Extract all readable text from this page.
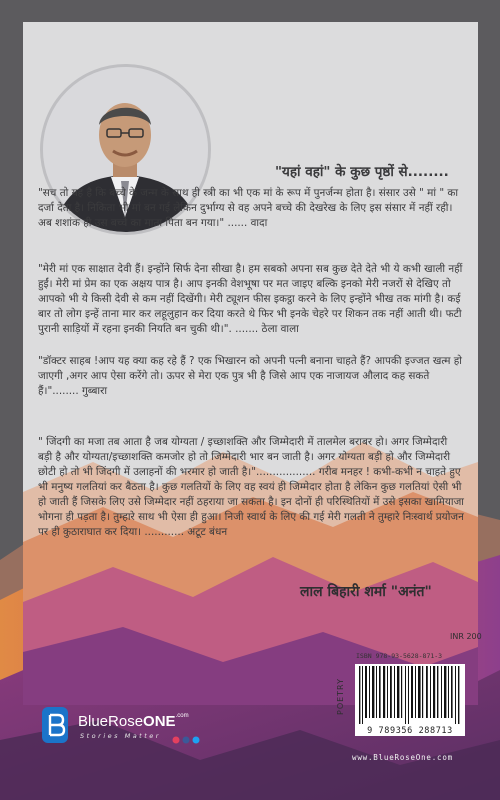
"यहां वहां" के कुछ पृष्ठों से........

"सच तो यह है कि बच्चे के जन्म के साथ ही स्त्री का भी एक मां के रूप में पुनर्जन्म होता है। संसार उसे " मां " का दर्जा देता है। निकिता भी मां बन गई लेकिन दुर्भाग्य से वह अपने बच्चे की देखरेख के लिए इस संसार में नहीं रही। अब शशांक ही उस बच्चे का माता पिता बन गया।" ...... वादा

"मेरी मां एक साक्षात देवी हैं। इन्होंने सिर्फ देना सीखा है। हम सबको अपना सब कुछ देते देते भी ये कभी खाली नहीं हुईं। मेरी मां प्रेम का एक अक्षय पात्र है। आप इनकी वेशभूषा पर मत जाइए बल्कि इनको मेरी नजरों से देखिए तो आपको भी ये किसी देवी से कम नहीं दिखेंगी। मेरी ट्यूशन फीस इकट्ठा करने के लिए इन्होंने भीख तक मांगी है। कई बार तो लोग इन्हें ताना मार कर लहूलुहान कर दिया करते थे फिर भी इनके चेहरे पर शिकन तक नहीं आती थी। फटी पुरानी साड़ियों में रहना इनकी नियति बन चुकी थी।". ....... ठेला वाला

"डॉक्टर साहब !आप यह क्या कह रहे हैं ? एक भिखारन को अपनी पत्नी बनाना चाहते हैं? आपकी इज्जत खत्म हो जाएगी ,अगर आप ऐसा करेंगे तो। ऊपर से मेरा एक पुत्र भी है जिसे आप एक नाजायज औलाद कह सकते हैं।"........ गुब्बारा

" जिंदगी का मजा तब आता है जब योग्यता / इच्छाशक्ति और जिम्मेदारी में तालमेल बराबर हो। अगर जिम्मेदारी बड़ी है और योग्यता/इच्छाशक्ति कमजोर हो तो जिम्मेदारी भार बन जाती है। अगर योग्यता बड़ी हो और जिम्मेदारी छोटी हो तो भी जिंदगी में उलाहनों की भरमार हो जाती है।".................. गरीब मनहर ! कभी-कभी न चाहते हुए भी मनुष्य गलतियां कर बैठता है। कुछ गलतियों के लिए वह स्वयं ही जिम्मेदार होता है लेकिन कुछ गलतियां ऐसी भी हो जाती हैं जिसके लिए उसे जिम्मेदार नहीं ठहराया जा सकता है। इन दोनों ही परिस्थितियों में उसे इसका खामियाजा भोगना ही पड़ता है। तुम्हारे साथ भी ऐसा ही हुआ। निजी स्वार्थ के लिए की गई मेरी गलती ने तुम्हारे निःस्वार्थ प्रयोजन पर ही कुठाराघात कर दिया। ............ अटूट बंधन

लाल बिहारी शर्मा "अनंत"
INR 200
POETRY
ISBN 978-93-5628-871-3
9 789356 288713
www.BlueRoseOne.com
BlueRoseONE$^{.com}$
Stories Matter
